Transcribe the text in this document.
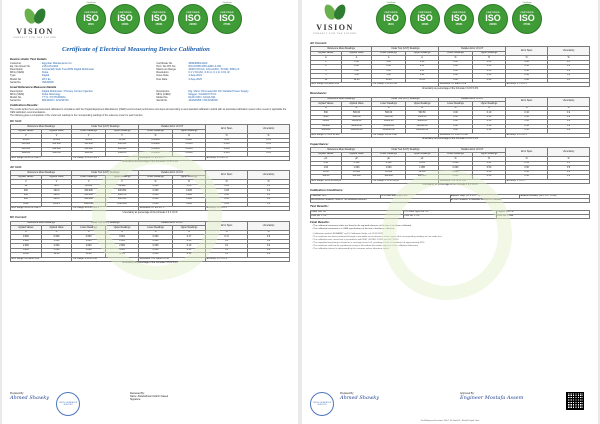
VISION
PERFECT FOR THE FUTURE
Certificate
CERTIFIED
ISO
9001
CERTIFIED
ISO
14001
CERTIFIED
ISO
45001
CERTIFIED
ISO
22000
Certificate
CERTIFIED
ISO
27001
Certificate of Electrical Measuring Device Calibration
Device Under Test Details
Customer	Egyptian Maintenance Co.
Eq. No./Asset No.	2161-05-0264
Description	Intrinsically Safe True RMS Digital Multimeter
MFG (OEM)	Fluke
Type	Digital
Model No.	28 II Ex
Serial No.	39190008
Certificate No.	4699408014A00
W.O. No./PO No.	WO-00155 MFG-EMC-4-001
Maximum Range	1000V DC/AC, 10A AC/DC, 50 MΩ, 9999 μF
Resolution	0.1 V DC/AC, 0.01 A, 0.1 Ω, 0.01 nF
Issue Date	4-Sep-2024
Due Date	3-Sep-2025
Used Reference Measure Details
Description	Digital Multimeter / Primary Current Injection
MFG (OEM)	Fluke Metrology
Model No.	77 IV / PCITS0000G
Serial No.	80210106 / 121230716
Description	Dig. Micro Ohmmeter/AC DC Variable Power Supply
MFG (OEM)	Megger / KHARCOT.CO.
Model No.	DLRO 600 / GCQA-501
Serial No.	101020356 / 0112016000
Calibration Results:
The results written here was tested and calibrated in compliance with the Original Equipment Manufacturer (OEM) recommended performance test steps and according to used standard calibration method with an automated calibration system when needs or applicable the OEM calibration recommendations.
The following gives a comparison of the under test readings to the corresponding readings of the reference meter for each function.
DC Volt:
Reference Mean Readings		Under Test (UUT) Readings		Relative Error of UUT		Error Span	Uncertainty
Applied Values	Applied Value	Lower Readings	Upper Readings	Lower Readings	Upper Readings		
V	V	V	V	%	%	%	%
30.000	30.000	30.000	30.002	0.00000	0.0067	0.01	0.01
300.000	300.000	300.000	300.010	0.00000	0.0033	0.003	0.01
600.000	600.000	600.000	600.020	0.00000	0.0033	0.003	0.01
1000.00	1000.00	1000.00	1000.03	0.00000	0.0030	0.003	0.01
MFG Range: 60 mV to 1000 V		Cal. Range: 30.0 to 1000 V		Resolution: 0.1 mV to 1 V		Accuracy: ± 0.05% ± 1	
Uncertainty as percentage of the full scale ± 0.05 % FS
AC Volt:
Reference Mean Readings		Under Test (UUT) Readings		Relative Error of UUT		Error Span	Uncertainty
Applied Values	Applied Value	Lower Readings	Upper Readings	Lower Readings	Upper Readings		
V	V	V	V	%	%	%	%
40	40.0	40.000	40.021	0.000	0.05	0.05	0.1
200	200.0	200.000	200.052	0.000	0.026	0.03	0.1
300	300.0	300.000	300.078	0.000	0.026	0.03	0.1
600	600.0	600.000	600.156	0.000	0.026	0.03	0.1
1000	1000.0	1000.000	1000.260	0.000	0.026	0.03	0.1
MFG Range: 60 mV to 1000 V		Cal. Range: 40.0 to 1000 V		Resolution: 0.1 mV to 1 V		Accuracy: ± 0.5% ± 2	
Uncertainty as percentage of the full scale ± 0.1 % FS
DC Current:
Reference Mean Readings		Under Test (UUT) Readings		Relative Error of UUT		Error Span	Uncertainty
Applied Values	Applied Value	Lower Readings	Upper Readings	Lower Readings	Upper Readings		
A	A	A	A	%	%	%	%
0.600	0.600	0.600	0.601	0.000	0.17	0.17	0.2
1.000	1.000	1.000	1.001	0.000	0.10	0.1	0.2
2.000	2.000	2.000	2.002	0.000	0.10	0.1	0.2
5.000	5.000	5.000	5.005	0.000	0.10	0.1	0.2
10.00	10.00	10.00	10.01	0.000	0.10	0.1	0.2
MFG Range: 600 μA to 10 A		Cal. Range: 0.60 to 10 A		Resolution: 0.01 mA to 0.01 A		Accuracy: ± 0.2% ± 4	
Uncertainty as percentage of the full scale ± 0.15 % FS
Prepared By:
Ahmed Shawky
VISION CALIBRATION SERVICES
Reviewed By:
Name: Abdelrahman Ibrahim Saeed
Signature:
VISION
PERFECT FOR THE FUTURE
Certificate
CERTIFIED
ISO
9001
CERTIFIED
ISO
14001
CERTIFIED
ISO
45001
CERTIFIED
ISO
22000
Certificate
CERTIFIED
ISO
27001
AC Current:
Reference Mean Readings		Under Test (UUT) Readings		Relative Error of UUT		Error Span	Uncertainty
Applied Values	Applied Value	Lower Readings	Upper Readings	Lower Readings	Upper Readings		
A	A	A	A	%	%	%	%
1	1.00	1.00	1.00	0.00	0.00	0.00	0.5
2	2.00	2.00	2.01	0.00	0.50	0.50	0.5
3	3.00	3.00	3.01	0.00	0.33	0.48	0.5
5	5.00	5.00	5.02	0.00	0.40	0.40	0.5
10	10.00	10.00	10.04	0.00	0.40	0.40	0.5
MFG Range: 600 μA to 10 A		Cal. Range: 1.00 to 10 A		Resolution: 0.1 mA to 0.1 A		Accuracy: ± 1.5% ± 2	
Uncertainty as percentage of the full scale ± 0.15 % FS
Resistance:
Reference Mean Readings		Under Test (UUT) Readings		Relative Error of UUT		Error Span	Uncertainty
Applied Values	Applied Value	Lower Readings	Upper Readings	Lower Readings	Upper Readings		
Ω	Ω	Ω	Ω	%	%	%	%
500	500.00	500.00	500.50	0.00	0.10	0.10	0.2
5000	5000.00	5000.00	5005.00	0.00	0.10	0.10	0.2
50000	50000.00	50000.00	50050.00	0.00	0.10	0.10	0.2
500000	500000.00	500000.00	500500.00	0.00	0.10	0.10	0.2
5000000	5000000.00	5000000.00	5005000.00	0.00	0.10	0.10	0.2
MFG Range: 0.1 Ω to 50 MΩ		Cal. Range: 500 to 5 MΩ		Resolution: 0.1 Ω to 0.01 MΩ		Accuracy: ± 0.2% ± 2	
Uncertainty as percentage of the full scale ± 0.15 % FS
Capacitance:
Reference Mean Readings		Under Test (UUT) Readings		Relative Error of UUT		Error Span	Uncertainty
Applied Values	Applied Value	Lower Readings	Upper Readings	Lower Readings	Upper Readings		
μF	μF	μF	μF	%	%	%	%
0.10	0.100	0.100	0.101	0.000	0.41	0.41	0.5
1.00	1.000	1.000	1.005	0.000	0.50	0.50	0.5
10.00	10.000	10.000	10.050	0.000	0.50	0.50	0.5
100.00	100.000	100.000	100.500	0.000	0.50	0.50	0.5
MFG Range: 10 nF to 9999 μF		Cal. Range: 0.10 to 100 μF		Resolution: 0.01 nF to 1 μF		Accuracy: ± 1% ± 2	
Uncertainty as percentage of the full scale ± 0.5 % FS
Calibration Conditions:
Calibrator: SOP	VPS-GHD-EMD-CAL-P002	Ambient Temp: (22.5 ± 0.1 °C)	Ambient Humidity: (38.5 ± 0.1 % RH)
As Received Condition: Leads in The allowable tolerance		As Left Condition: In allowable tolerance & condition	
Test Results:
Diode Test: OK	LCD Back Light Test: OK	Keypad Test: OK
Fuse No. 1: OK	Fuse No. 2: OK	Fuse No. 3: N/A
Final Results:
- The calibrated instrument under test found in the required tolerance at the time it had been calibrated.
- The calibrated instrument is in OEM specifications at the time it had been calibrated.
- Calibration method: EURAMET cg-15 Calibration Guide, cal.15-02-3013
- This certificate has been performed through a traceable set of reference values against the corresponding readings of unit under test.
- The calibration was carried out in accordance with NIST, ISO/IEC 17025 and ISO 10012.
- The expanded uncertainty is based on a coverage factor k=2, providing a level of confidence of approximately 95%.
- This certificate shall not be reproduced except in full without the written approval of the calibration laboratory.
- The calibration interval is determined by the customer unless otherwise stated.
VISION CALIBRATION SERVICES
Prepared By:
Ahmed Shawky
Approved By:
Engineer Mostafa Assem
For Mailing and Location: Villa 7, El Saadi St., Sheikh Zayed, Giza
